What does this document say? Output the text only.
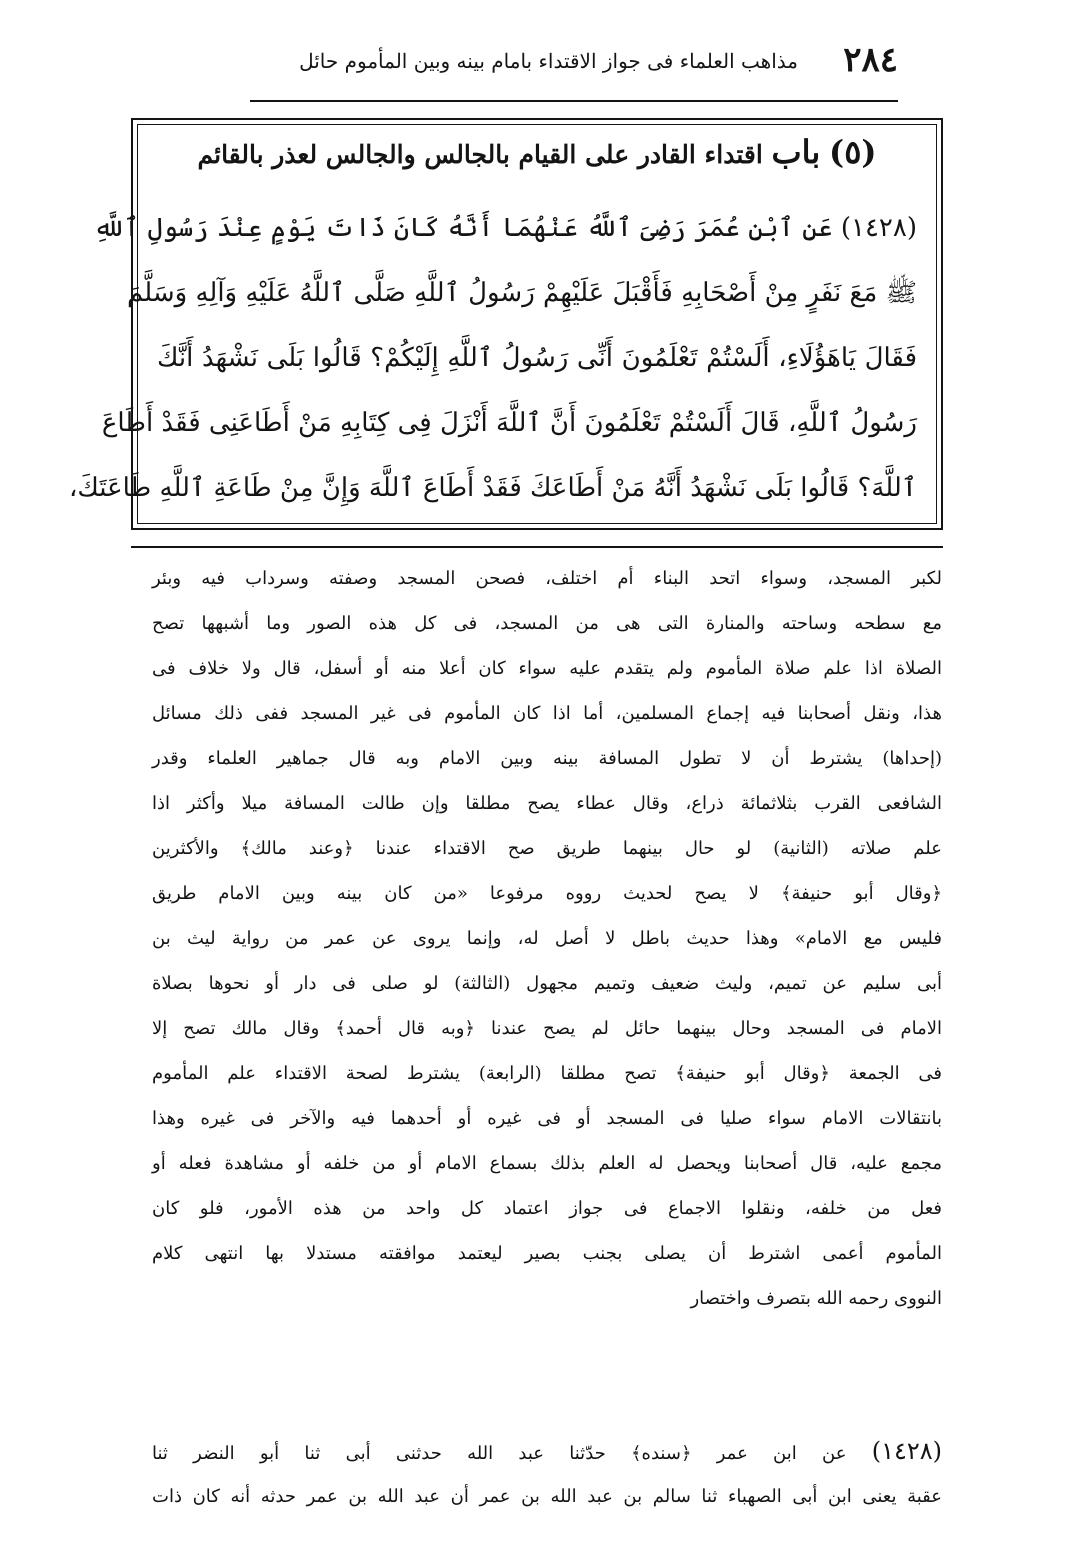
٢٨٤
مذاهب العلماء فى جواز الاقتداء بامام بينه وبين المأموم حائل
(٥) باب اقتداء القادر على القيام بالجالس والجالس لعذر بالقائم
(١٤٢٨) عَنِ ٱبْنِ عُمَرَ رَضِىَ ٱللَّهُ عَنْهُمَا أَنَّهُ كَانَ ذَاتَ يَوْمٍ عِنْدَ رَسُولِ ٱللَّهِ
ﷺ مَعَ نَفَرٍ مِنْ أَصْحَابِهِ فَأَقْبَلَ عَلَيْهِمْ رَسُولُ ٱللَّهِ صَلَّى ٱللَّهُ عَلَيْهِ وَآلِهِ وَسَلَّمَ
فَقَالَ يَاهَؤُلَاءِ، أَلَسْتُمْ تَعْلَمُونَ أَنِّى رَسُولُ ٱللَّهِ إِلَيْكُمْ؟ قَالُوا بَلَى نَشْهَدُ أَنَّكَ
رَسُولُ ٱللَّهِ، قَالَ أَلَسْتُمْ تَعْلَمُونَ أَنَّ ٱللَّهَ أَنْزَلَ فِى كِتَابِهِ مَنْ أَطَاعَنِى فَقَدْ أَطَاعَ
ٱللَّهَ؟ قَالُوا بَلَى نَشْهَدُ أَنَّهُ مَنْ أَطَاعَكَ فَقَدْ أَطَاعَ ٱللَّهَ وَإِنَّ مِنْ طَاعَةِ ٱللَّهِ طَاعَتَكَ،
لكبر المسجد، وسواء اتحد البناء أم اختلف، فصحن المسجد وصفته وسرداب فيه وبئر
مع سطحه وساحته والمنارة التى هى من المسجد، فى كل هذه الصور وما أشبهها تصح
الصلاة اذا علم صلاة المأموم ولم يتقدم عليه سواء كان أعلا منه أو أسفل، قال ولا خلاف فى
هذا، ونقل أصحابنا فيه إجماع المسلمين، أما اذا كان المأموم فى غير المسجد ففى ذلك مسائل
(إحداها) يشترط أن لا تطول المسافة بينه وبين الامام وبه قال جماهير العلماء وقدر
الشافعى القرب بثلاثمائة ذراع، وقال عطاء يصح مطلقا وإن طالت المسافة ميلا وأكثر اذا
علم صلاته (الثانية) لو حال بينهما طريق صح الاقتداء عندنا ﴿وعند مالك﴾ والأكثرين
﴿وقال أبو حنيفة﴾ لا يصح لحديث رووه مرفوعا «من كان بينه وبين الامام طريق
فليس مع الامام» وهذا حديث باطل لا أصل له، وإنما يروى عن عمر من رواية ليث بن
أبى سليم عن تميم، وليث ضعيف وتميم مجهول (الثالثة) لو صلى فى دار أو نحوها بصلاة
الامام فى المسجد وحال بينهما حائل لم يصح عندنا ﴿وبه قال أحمد﴾ وقال مالك تصح إلا
فى الجمعة ﴿وقال أبو حنيفة﴾ تصح مطلقا (الرابعة) يشترط لصحة الاقتداء علم المأموم
بانتقالات الامام سواء صليا فى المسجد أو فى غيره أو أحدهما فيه والآخر فى غيره وهذا
مجمع عليه، قال أصحابنا ويحصل له العلم بذلك بسماع الامام أو من خلفه أو مشاهدة فعله أو
فعل من خلفه، ونقلوا الاجماع فى جواز اعتماد كل واحد من هذه الأمور، فلو كان
المأموم أعمى اشترط أن يصلى بجنب بصير ليعتمد موافقته مستدلا بها انتهى كلام
النووى رحمه الله بتصرف واختصار
(١٤٢٨) عن ابن عمر ﴿سنده﴾ حدّثنا عبد الله حدثنى أبى ثنا أبو النضر ثنا
عقبة يعنى ابن أبى الصهباء ثنا سالم بن عبد الله بن عمر أن عبد الله بن عمر حدثه أنه كان ذات
